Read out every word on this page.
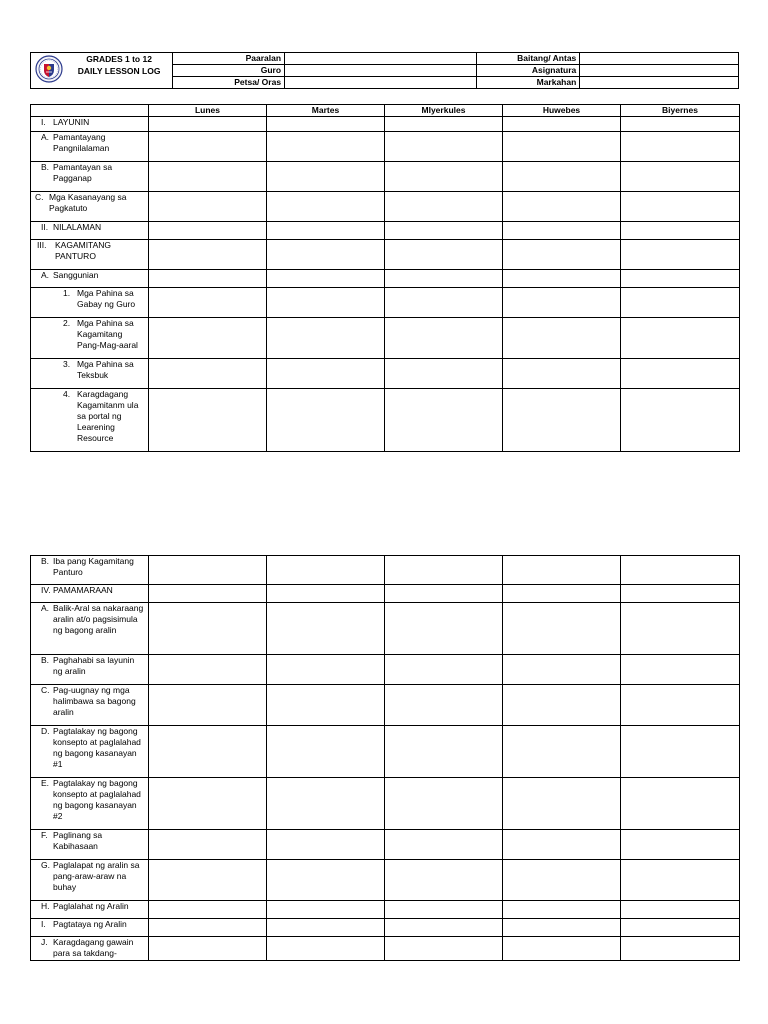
GRADES 1 to 12
DAILY LESSON LOG	Paaralan		Baitang/ Antas	
		Guro		Asignatura	
		Petsa/ Oras		Markahan	
	Lunes	Martes	MIyerkules	Huwebes	Biyernes

I. LAYUNIN					

A. Pamantayang Pangnilalaman					

B. Pamantayan sa Pagganap					

C. Mga Kasanayang sa Pagkatuto					

II. NILALAMAN					

III. KAGAMITANG PANTURO					

A. Sanggunian					

1. Mga Pahina sa Gabay ng Guro					

2. Mga Pahina sa Kagamitang Pang-Mag-aaral					

3. Mga Pahina sa Teksbuk					

4. Karagdagang Kagamitanm ula sa portal ng Learening Resource					

B. Iba pang Kagamitang Panturo					

IV. PAMAMARAAN					

A. Balik-Aral sa nakaraang aralin at/o pagsisimula ng bagong aralin					

B. Paghahabi sa layunin ng aralin					

C. Pag-uugnay ng mga halimbawa sa bagong aralin					

D. Pagtalakay ng bagong konsepto at paglalahad ng bagong kasanayan #1					

E. Pagtalakay ng bagong konsepto at paglalahad ng bagong kasanayan #2					

F. Paglinang sa Kabihasaan					

G. Paglalapat ng aralin sa pang-araw-araw na buhay					

H. Paglalahat ng Aralin					

I. Pagtataya ng Aralin					

J. Karagdagang gawain para sa takdang-					
